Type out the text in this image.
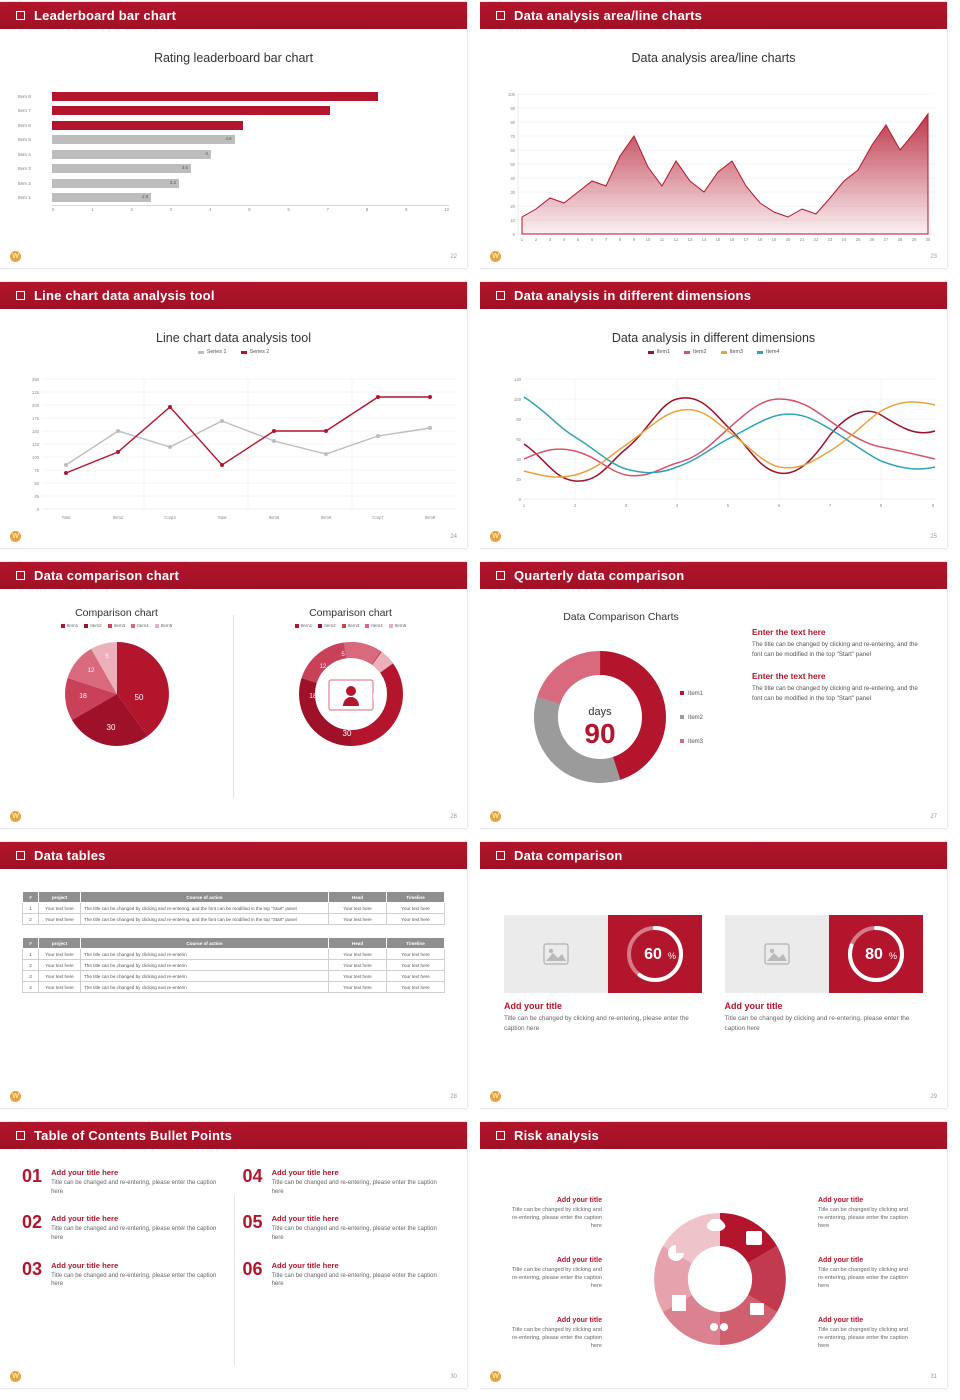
Leaderboard bar chart
Rating leaderboard bar chart
Item 8
Item 7
Item 6
Item 5	4.6
Item 4	4
Item 3	3.5
Item 2	3.2
Item 1	2.5
0	1	2	3	4	5	6	7	8	9	10
W	22
Data analysis area/line charts
Data analysis area/line charts
0
10
20
30
40
50
60
70
80
90
100
1	2	3	4	5	6	7	8	9 10 11 12 13 14 15 16 17 18 19 20 21 22 23 24 25 26 27 28 29 30
W	23
Line chart data analysis tool
Line chart data analysis tool
Series 1	Series 2
0
25
50
75
100
125
150
175
200
225
250
Total	Item2	Corp3	Total	Item5	Item6	Corp7	Item8
W	24
Data analysis in different dimensions
Data analysis in different dimensions
Item1	Item2	Item3	Item4
0
20
40
60
80
100
120
1	2	3	4	5	6	7	8	9
W	25
Data comparison chart
Comparison chart
Item1	Item2	Item3	Item4	Item5
50
30
18
12
5
Comparison chart
Item1	Item2	Item3	Item4	Item5
50
30
18
12
5
W	26
Quarterly data comparison
Data Comparison Charts
days
90
Item1
Item2
Item3
Enter the text here

The title can be changed by clicking and re-entering, and the font can be modified in the top "Start" panel

Enter the text here

The title can be changed by clicking and re-entering, and the font can be modified in the top "Start" panel

W	27
Data tables
#	project	Course of action	Head	Timeline
1	Your text here	The title can be changed by clicking and re-entering, and the font can be modified in the top "Start" panel	Your text here	Your text here
2	Your text here	The title can be changed by clicking and re-entering, and the font can be modified in the top "Start" panel	Your text here	Your text here
#	project	Course of action	Head	Timeline
1	Your text here	The title can be changed by clicking and re-enterin	Your text here	Your text here
2	Your text here	The title can be changed by clicking and re-enterin	Your text here	Your text here
3	Your text here	The title can be changed by clicking and re-enterin	Your text here	Your text here
4	Your text here	The title can be changed by clicking and re-enterin	Your text here	Your text here
W	28
Data comparison
60 %
Add your title

Title can be changed by clicking and re-entering, please enter the caption here

80 %
Add your title

Title can be changed by clicking and re-entering, please enter the caption here

W	29
Table of Contents Bullet Points
01	Add your title here

Title can be changed and re-entering, please enter the caption here

04	Add your title here

Title can be changed and re-entering, please enter the caption here

02	Add your title here

Title can be changed and re-entering, please enter the caption here

05	Add your title here

Title can be changed and re-entering, please enter the caption here

03	Add your title here

Title can be changed and re-entering, please enter the caption here

06	Add your title here

Title can be changed and re-entering, please enter the caption here

W	30
Risk analysis
Add your title

Title can be changed by clicking and re-entering, please enter the caption here

Add your title

Title can be changed by clicking and re-entering, please enter the caption here

Add your title

Title can be changed by clicking and re-entering, please enter the caption here

Add your title

Title can be changed by clicking and re-entering, please enter the caption here

Add your title

Title can be changed by clicking and re-entering, please enter the caption here

Add your title

Title can be changed by clicking and re-entering, please enter the caption here

W	31
